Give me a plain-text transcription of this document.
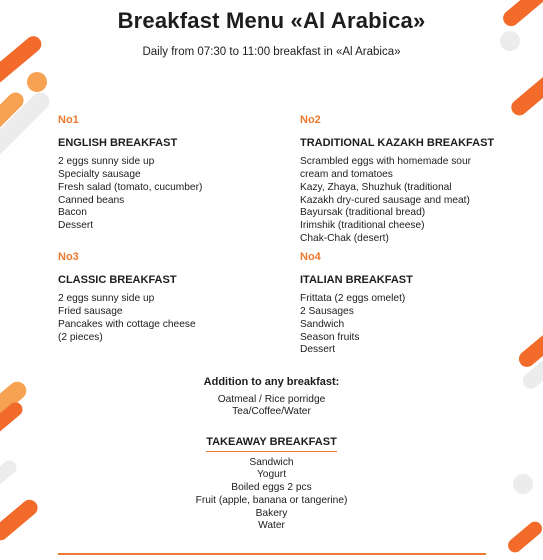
Breakfast Menu «Al Arabica»
Daily from 07:30 to 11:00 breakfast in «Al Arabica»
No1
ENGLISH BREAKFAST
2 eggs sunny side up
Specialty sausage
Fresh salad (tomato, cucumber)
Canned beans
Bacon
Dessert
No2
TRADITIONAL KAZAKH BREAKFAST
Scrambled eggs with homemade sour
cream and tomatoes
Kazy, Zhaya, Shuzhuk (traditional
Kazakh dry-cured sausage and meat)
Bayursak (traditional bread)
Irimshik (traditional cheese)
Chak-Chak (desert)
No3
CLASSIC BREAKFAST
2 eggs sunny side up
Fried sausage
Pancakes with cottage cheese
(2 pieces)
No4
ITALIAN BREAKFAST
Frittata (2 eggs omelet)
2 Sausages
Sandwich
Season fruits
Dessert
Addition to any breakfast:
Oatmeal / Rice porridge
Tea/Coffee/Water
TAKEAWAY BREAKFAST
Sandwich
Yogurt
Boiled eggs 2 pcs
Fruit (apple, banana or tangerine)
Bakery
Water
